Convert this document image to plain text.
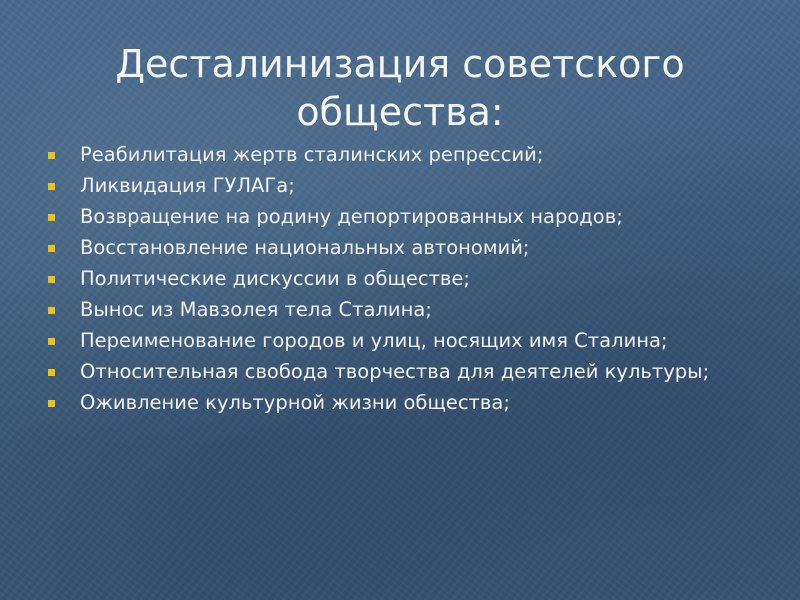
Десталинизация советского
общества:
Реабилитация жертв сталинских репрессий;
Ликвидация ГУЛАГа;
Возвращение на родину депортированных народов;
Восстановление национальных автономий;
Политические дискуссии в обществе;
Вынос из Мавзолея тела Сталина;
Переименование городов и улиц, носящих имя Сталина;
Относительная свобода творчества для деятелей культуры;
Оживление культурной жизни общества;
